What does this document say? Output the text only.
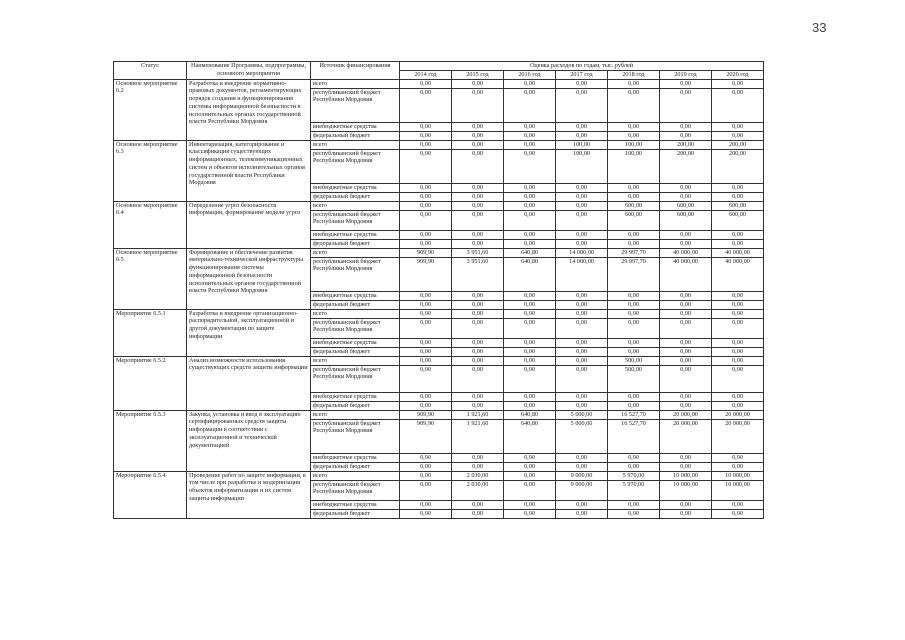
33
Статус	Наименование Программы, подпрограммы, основного мероприятия	Источник финансирования	Оценка расходов по годам, тыс. рублей						
			2014 год	2015 год	2016 год	2017 год	2018 год	2019 год	2020 год
Основное мероприятие 6.2	Разработка и внедрение нормативно-правовых документов, регламентирующих порядок создания и функционирования системы информационной безопасности в исполнительных органах государственной власти Республики Мордовия	всего	0,00	0,00	0,00	0,00	0,00	0,00	0,00
		республиканский бюджет Республики Мордовия	0,00	0,00	0,00	0,00	0,00	0,00	0,00
		внебюджетные средства	0,00	0,00	0,00	0,00	0,00	0,00	0,00
		федеральный бюджет	0,00	0,00	0,00	0,00	0,00	0,00	0,00
Основное мероприятие 6.3	Инвентаризация, категорирование и классификация существующих информационных, телекоммуникационных систем и объектов исполнительных органов государственной власти Республики Мордовия	всего	0,00	0,00	0,00	100,00	100,00	200,00	200,00
		республиканский бюджет Республики Мордовия	0,00	0,00	0,00	100,00	100,00	200,00	200,00
		внебюджетные средства	0,00	0,00	0,00	0,00	0,00	0,00	0,00
		федеральный бюджет	0,00	0,00	0,00	0,00	0,00	0,00	0,00
Основное мероприятие 6.4	Определение угроз безопасности информации, формирование модели угроз	всего	0,00	0,00	0,00	0,00	600,00	600,00	600,00
		республиканский бюджет Республики Мордовия	0,00	0,00	0,00	0,00	600,00	600,00	600,00
		внебюджетные средства	0,00	0,00	0,00	0,00	0,00	0,00	0,00
		федеральный бюджет	0,00	0,00	0,00	0,00	0,00	0,00	0,00
Основное мероприятие 6.5	Формирование и обеспечение развития материально-технической инфраструктуры функционирования системы информационной безопасности исполнительных органов государственной власти Республики Мордовия	всего	909,90	3 951,60	640,80	14 000,00	29 997,70	40 000,00	40 000,00
		республиканский бюджет Республики Мордовия	909,90	3 951,60	640,80	14 000,00	29 997,70	40 000,00	40 000,00
		внебюджетные средства	0,00	0,00	0,00	0,00	0,00	0,00	0,00
		федеральный бюджет	0,00	0,00	0,00	0,00	0,00	0,00	0,00
Мероприятие 6.5.1	Разработка и внедрение организационно-распорядительной, эксплуатационной и другой документации по защите информации	всего	0,00	0,00	0,00	0,00	0,00	0,00	0,00
		республиканский бюджет Республики Мордовия	0,00	0,00	0,00	0,00	0,00	0,00	0,00
		внебюджетные средства	0,00	0,00	0,00	0,00	0,00	0,00	0,00
		федеральный бюджет	0,00	0,00	0,00	0,00	0,00	0,00	0,00
Мероприятие 6.5.2	Анализ возможности использования существующих средств защиты информации	всего	0,00	0,00	0,00	0,00	500,00	0,00	0,00
		республиканский бюджет Республики Мордовия	0,00	0,00	0,00	0,00	500,00	0,00	0,00
		внебюджетные средства	0,00	0,00	0,00	0,00	0,00	0,00	0,00
		федеральный бюджет	0,00	0,00	0,00	0,00	0,00	0,00	0,00
Мероприятие 6.5.3	Закупка, установка и ввод в эксплуатацию сертифицированных средств защиты информации в соответствии с эксплуатационной и технической документацией	всего	909,90	1 921,60	640,80	5 000,00	16 527,70	20 000,00	20 000,00
		республиканский бюджет Республики Мордовия	909,90	1 921,60	640,80	5 000,00	16 527,70	20 000,00	20 000,00
		внебюджетные средства	0,00	0,00	0,00	0,00	0,00	0,00	0,00
		федеральный бюджет	0,00	0,00	0,00	0,00	0,00	0,00	0,00
Мероприятие 6.5.4	Проведение работ по защите информации, в том числе при разработке и модернизации объектов информатизации и их систем защиты информации	всего	0,00	2 030,00	0,00	9 000,00	5 970,00	10 000,00	10 000,00
		республиканский бюджет Республики Мордовия	0,00	2 030,00	0,00	9 000,00	5 970,00	10 000,00	10 000,00
		внебюджетные средства	0,00	0,00	0,00	0,00	0,00	0,00	0,00
		федеральный бюджет	0,00	0,00	0,00	0,00	0,00	0,00	0,00
